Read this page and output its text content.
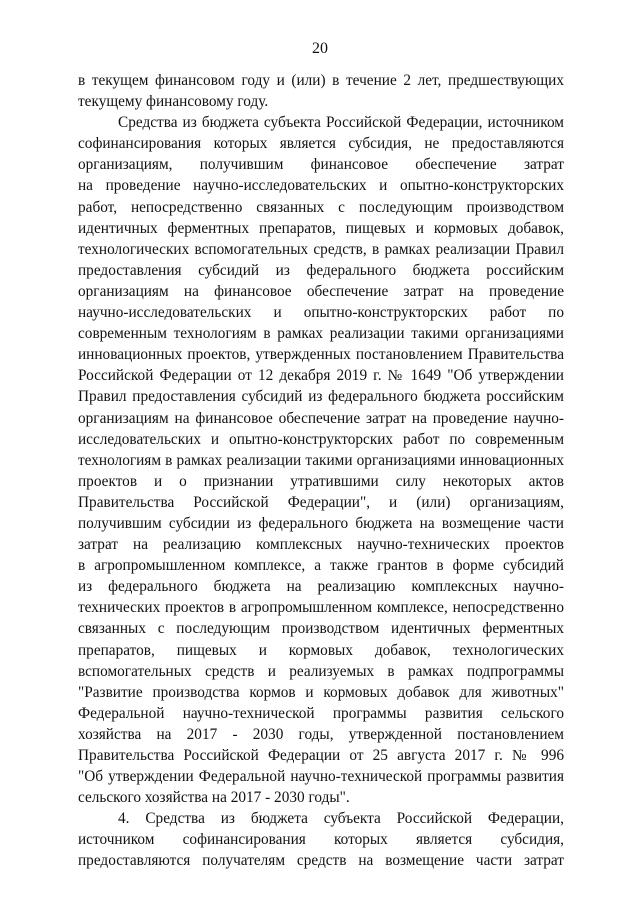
20
в текущем финансовом году и (или) в течение 2 лет, предшествующих
текущему финансовому году.
Средства из бюджета субъекта Российской Федерации, источником
софинансирования которых является субсидия, не предоставляются
организациям, получившим финансовое обеспечение затрат
на проведение научно-исследовательских и опытно-конструкторских
работ, непосредственно связанных с последующим производством
идентичных ферментных препаратов, пищевых и кормовых добавок,
технологических вспомогательных средств, в рамках реализации Правил
предоставления субсидий из федерального бюджета российским
организациям на финансовое обеспечение затрат на проведение
научно-исследовательских и опытно-конструкторских работ по
современным технологиям в рамках реализации такими организациями
инновационных проектов, утвержденных постановлением Правительства
Российской Федерации от 12 декабря 2019 г. № 1649 "Об утверждении
Правил предоставления субсидий из федерального бюджета российским
организациям на финансовое обеспечение затрат на проведение научно-
исследовательских и опытно-конструкторских работ по современным
технологиям в рамках реализации такими организациями инновационных
проектов и о признании утратившими силу некоторых актов
Правительства Российской Федерации", и (или) организациям,
получившим субсидии из федерального бюджета на возмещение части
затрат на реализацию комплексных научно-технических проектов
в агропромышленном комплексе, а также грантов в форме субсидий
из федерального бюджета на реализацию комплексных научно-
технических проектов в агропромышленном комплексе, непосредственно
связанных с последующим производством идентичных ферментных
препаратов, пищевых и кормовых добавок, технологических
вспомогательных средств и реализуемых в рамках подпрограммы
"Развитие производства кормов и кормовых добавок для животных"
Федеральной научно-технической программы развития сельского
хозяйства на 2017 - 2030 годы, утвержденной постановлением
Правительства Российской Федерации от 25 августа 2017 г. № 996
"Об утверждении Федеральной научно-технической программы развития
сельского хозяйства на 2017 - 2030 годы".
4. Средства из бюджета субъекта Российской Федерации,
источником софинансирования которых является субсидия,
предоставляются получателям средств на возмещение части затрат
